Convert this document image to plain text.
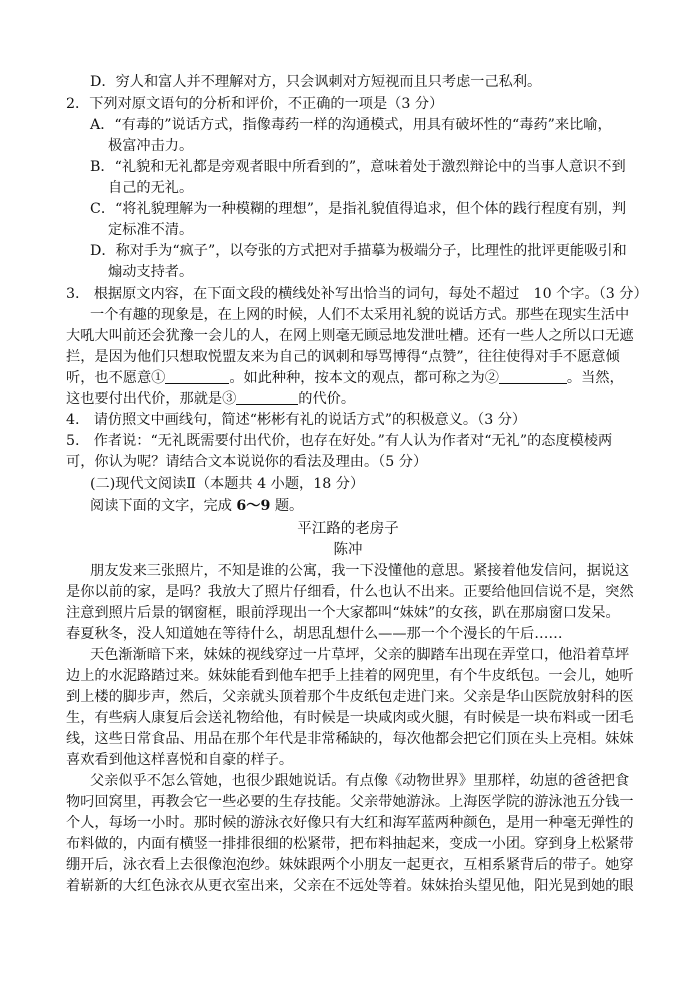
D．穷人和富人并不理解对方，只会讽刺对方短视而且只考虑一己私利。
2．下列对原文语句的分析和评价，不正确的一项是（3 分）
A．“有毒的”说话方式，指像毒药一样的沟通模式，用具有破坏性的“毒药”来比喻，
极富冲击力。
B．“礼貌和无礼都是旁观者眼中所看到的”，意味着处于激烈辩论中的当事人意识不到
自己的无礼。
C．“将礼貌理解为一种模糊的理想”，是指礼貌值得追求，但个体的践行程度有别，判
定标准不清。
D．称对手为“疯子”，以夸张的方式把对手描摹为极端分子，比理性的批评更能吸引和
煽动支持者。
3.　根据原文内容，在下面文段的横线处补写出恰当的词句，每处不超过　10 个字。（3 分）
一个有趣的现象是，在上网的时候，人们不太采用礼貌的说话方式。那些在现实生活中
大吼大叫前还会犹豫一会儿的人，在网上则毫无顾忌地发泄吐槽。还有一些人之所以口无遮
拦，是因为他们只想取悦盟友来为自己的讽刺和辱骂博得“点赞”，往往使得对手不愿意倾
听，也不愿意①	。如此种种，按本文的观点，都可称之为②	。当然，
这也要付出代价，那就是③	的代价。
4.　请仿照文中画线句，简述“彬彬有礼的说话方式”的积极意义。（3 分）
5.　作者说：“无礼既需要付出代价，也存在好处。”有人认为作者对“无礼”的态度模棱两
可，你认为呢？请结合文本说说你的看法及理由。（5 分）
(二)现代文阅读Ⅱ（本题共 4 小题，18 分）
阅读下面的文字，完成 6～9 题。
平江路的老房子
陈冲
朋友发来三张照片，不知是谁的公寓，我一下没懂他的意思。紧接着他发信问，据说这
是你以前的家，是吗？我放大了照片仔细看，什么也认不出来。正要给他回信说不是，突然
注意到照片后景的钢窗框，眼前浮现出一个大家都叫“妹妹”的女孩，趴在那扇窗口发呆。
春夏秋冬，没人知道她在等待什么，胡思乱想什么——那一个个漫长的午后……
天色渐渐暗下来，妹妹的视线穿过一片草坪，父亲的脚踏车出现在弄堂口，他沿着草坪
边上的水泥路踏过来。妹妹能看到他车把手上挂着的网兜里，有个牛皮纸包。一会儿，她听
到上楼的脚步声，然后，父亲就头顶着那个牛皮纸包走进门来。父亲是华山医院放射科的医
生，有些病人康复后会送礼物给他，有时候是一块咸肉或火腿，有时候是一块布料或一团毛
线，这些日常食品、用品在那个年代是非常稀缺的，每次他都会把它们顶在头上亮相。妹妹
喜欢看到他这样喜悦和自豪的样子。
父亲似乎不怎么管她，也很少跟她说话。有点像《动物世界》里那样，幼崽的爸爸把食
物叼回窝里，再教会它一些必要的生存技能。父亲带她游泳。上海医学院的游泳池五分钱一
个人，每场一小时。那时候的游泳衣好像只有大红和海军蓝两种颜色，是用一种毫无弹性的
布料做的，内面有横竖一排排很细的松紧带，把布料抽起来，变成一小团。穿到身上松紧带
绷开后，泳衣看上去很像泡泡纱。妹妹跟两个小朋友一起更衣，互相系紧背后的带子。她穿
着崭新的大红色泳衣从更衣室出来，父亲在不远处等着。妹妹抬头望见他，阳光晃到她的眼
